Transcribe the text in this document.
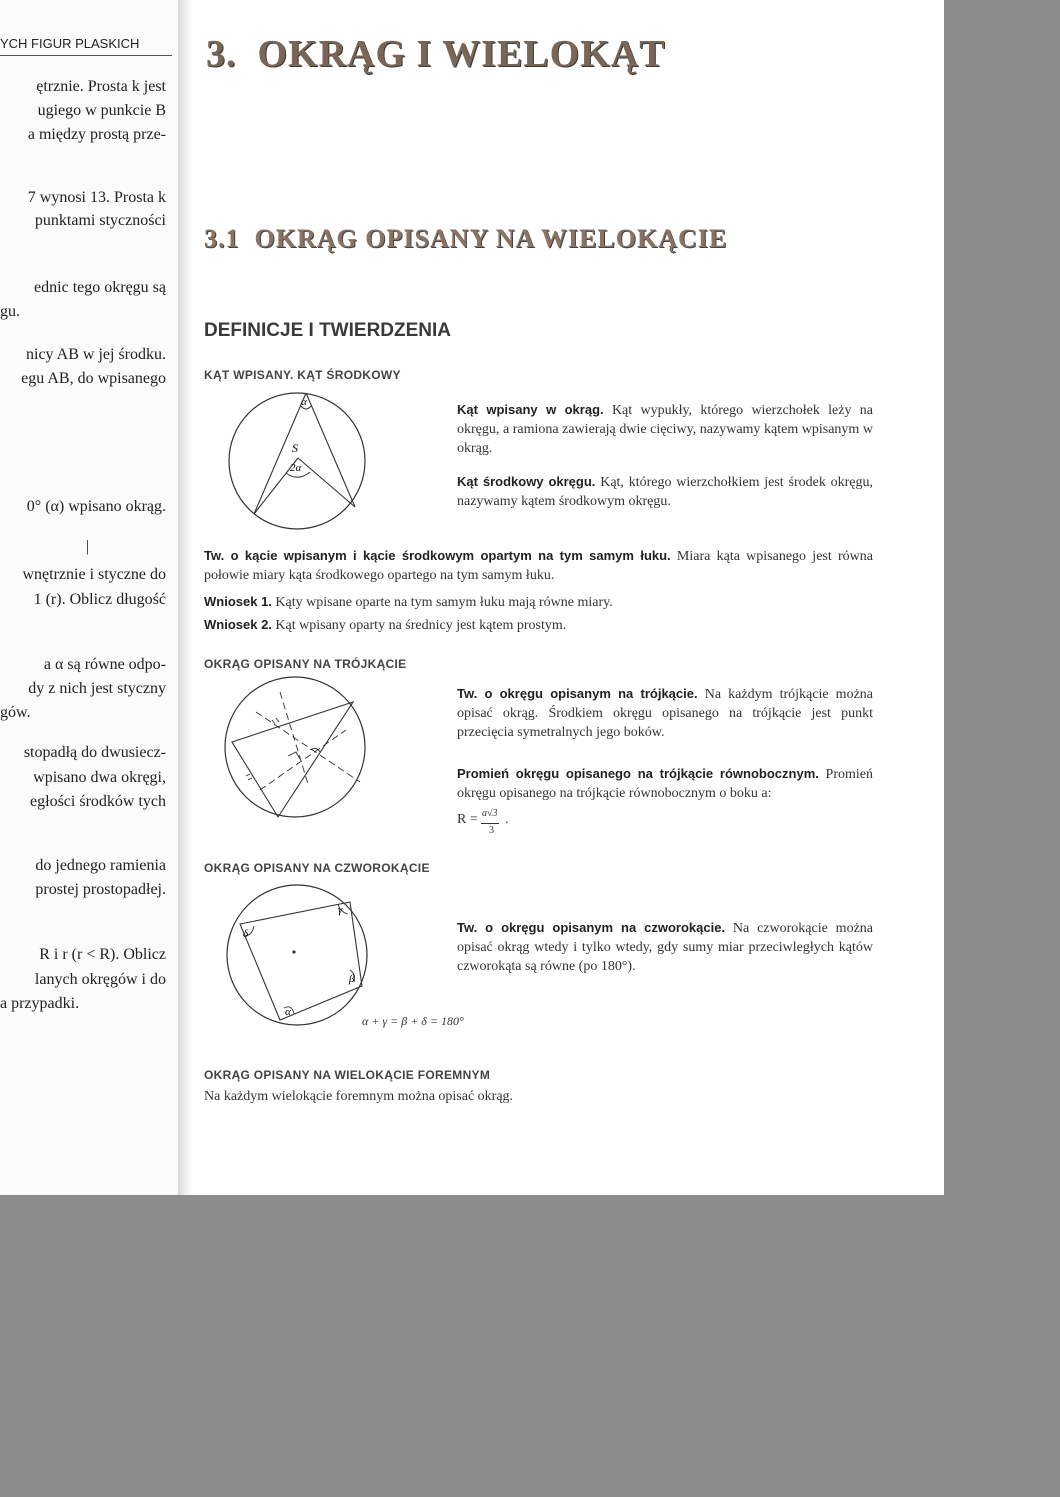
YCH FIGUR PLASKICH
ętrznie. Prosta k jest
ugiego w punkcie B
a między prostą prze-
7 wynosi 13. Prosta k
punktami styczności
ednic tego okręgu są
gu.
nicy AB w jej środku.
egu AB, do wpisanego
0° (α) wpisano okrąg.
|
wnętrznie i styczne do
1 (r). Oblicz długość
a α są równe odpo-
dy z nich jest styczny
gów.
stopadłą do dwusiecz-
wpisano dwa okręgi,
egłości środków tych
do jednego ramienia
prostej prostopadłej.
R i r (r < R). Oblicz
lanych okręgów i do
a przypadki.
3.  OKRĄG I WIELOKĄT
3.1  OKRĄG OPISANY NA WIELOKĄCIE
DEFINICJE I TWIERDZENIA
KĄT WPISANY. KĄT ŚRODKOWY
α
S
2α
Kąt wpisany w okrąg. Kąt wypukły, którego wierzchołek leży na okręgu, a ramiona zawierają dwie cięciwy, nazywamy kątem wpisanym w okrąg.
Kąt środkowy okręgu. Kąt, którego wierzchołkiem jest środek okręgu, nazywamy kątem środkowym okręgu.
Tw. o kącie wpisanym i kącie środkowym opartym na tym samym łuku. Miara kąta wpisanego jest równa połowie miary kąta środkowego opartego na tym samym łuku.
Wniosek 1. Kąty wpisane oparte na tym samym łuku mają równe miary.
Wniosek 2. Kąt wpisany oparty na średnicy jest kątem prostym.
OKRĄG OPISANY NA TRÓJKĄCIE
Tw. o okręgu opisanym na trójkącie. Na każdym trójkącie można opisać okrąg. Środkiem okręgu opisanego na trójkącie jest punkt przecięcia symetralnych jego boków.
Promień okręgu opisanego na trójkącie równobocznym. Promień okręgu opisanego na trójkącie równobocznym o boku a:
R = a√3
3
.
OKRĄG OPISANY NA CZWOROKĄCIE
α
β
γ
δ
α + γ = β + δ = 180°
Tw. o okręgu opisanym na czworokącie. Na czworokącie można opisać okrąg wtedy i tylko wtedy, gdy sumy miar przeciwległych kątów czworokąta są równe (po 180°).
OKRĄG OPISANY NA WIELOKĄCIE FOREMNYM
Na każdym wielokącie foremnym można opisać okrąg.
